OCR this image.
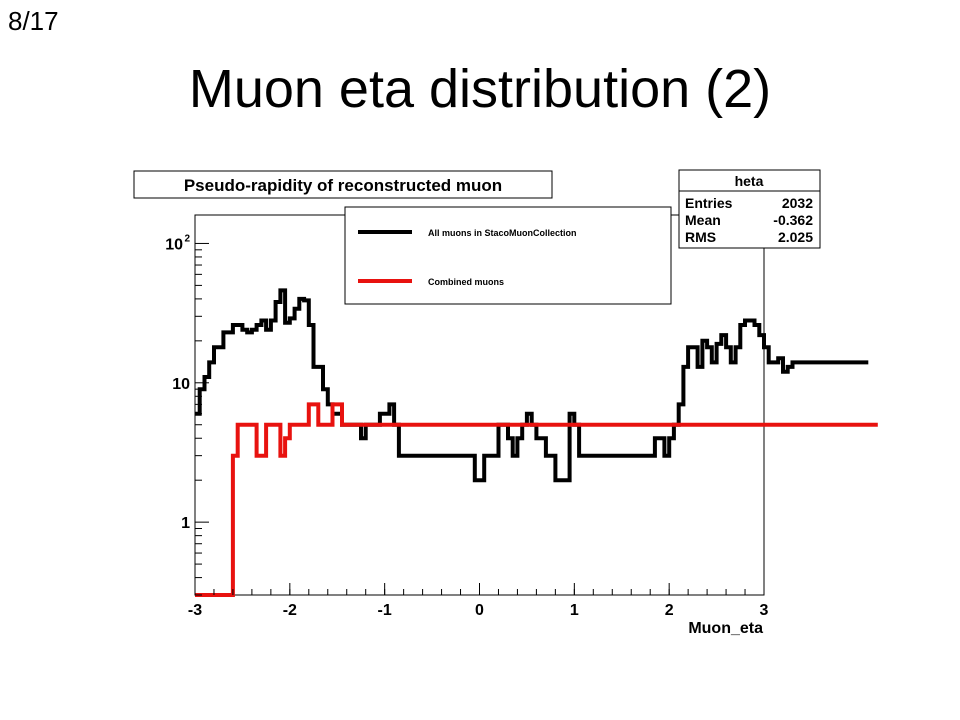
8/17
Muon eta distribution (2)
Pseudo-rapidity of reconstructed muon
-3	-2	-1	0	1	2	3
1
10
10 2
Muon_eta
All muons in StacoMuonCollection
Combined muons
heta
Entries	2032
Mean	-0.362
RMS	2.025
